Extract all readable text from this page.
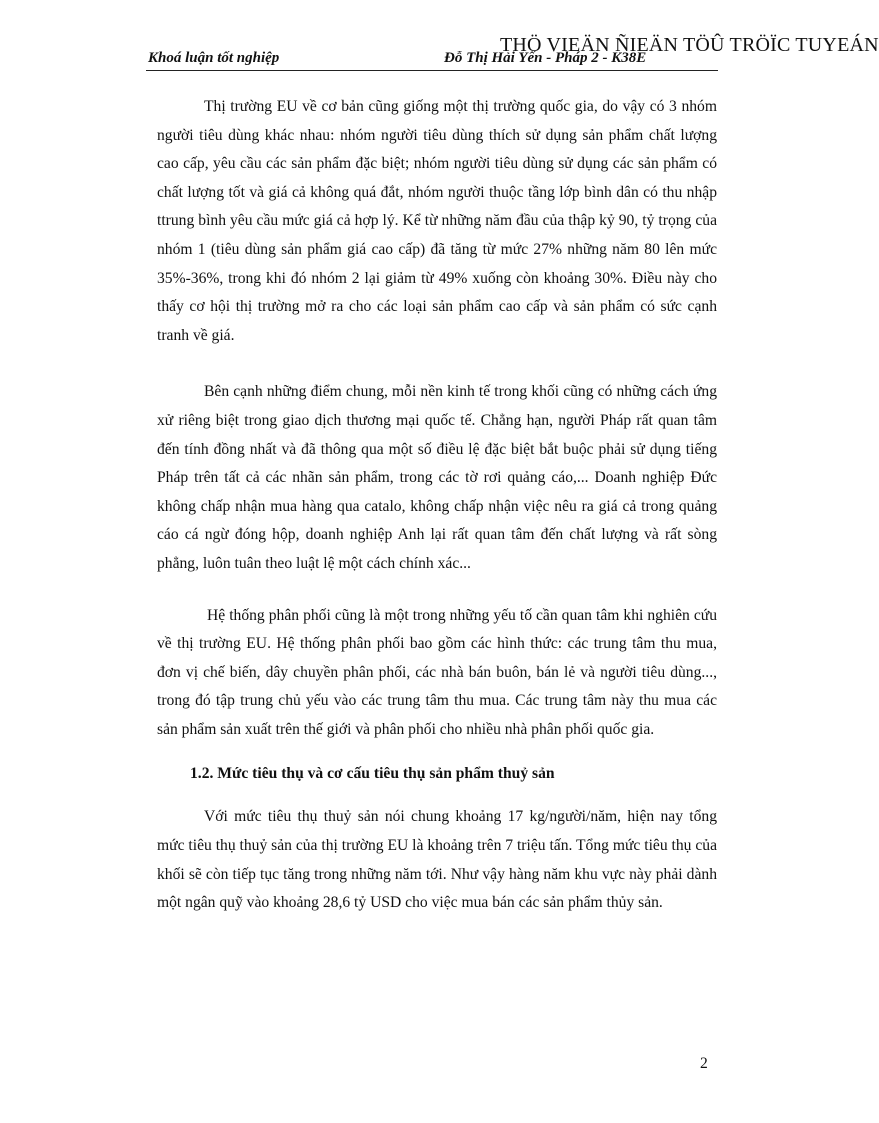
THÖ VIEÄN ÑIEÄN TÖÛ TRÖÏC TUYEÁN
Khoá luận tốt nghiệp	Đỗ Thị Hải Yến - Pháp 2 - K38E

Thị trường EU về cơ bản cũng giống một thị trường quốc gia, do vậy có 3 nhóm người tiêu dùng khác nhau: nhóm người tiêu dùng thích sử dụng sản phẩm chất lượng cao cấp, yêu cầu các sản phẩm đặc biệt; nhóm người tiêu dùng sử dụng các sản phẩm có chất lượng tốt và giá cả không quá đắt, nhóm người thuộc tầng lớp bình dân có thu nhập ttrung bình yêu cầu mức giá cả hợp lý. Kể từ những năm đầu của thập kỷ 90, tỷ trọng của nhóm 1 (tiêu dùng sản phẩm giá cao cấp) đã tăng từ mức 27% những năm 80 lên mức 35%-36%, trong khi đó nhóm 2 lại giảm từ 49% xuống còn khoảng 30%. Điều này cho thấy cơ hội thị trường mở ra cho các loại sản phẩm cao cấp và sản phẩm có sức cạnh tranh về giá.

Bên cạnh những điểm chung, mỗi nền kinh tế trong khối cũng có những cách ứng xử riêng biệt trong giao dịch thương mại quốc tế. Chẳng hạn, người Pháp rất quan tâm đến tính đồng nhất và đã thông qua một số điều lệ đặc biệt bắt buộc phải sử dụng tiếng Pháp trên tất cả các nhãn sản phẩm, trong các tờ rơi quảng cáo,... Doanh nghiệp Đức không chấp nhận mua hàng qua catalo, không chấp nhận việc nêu ra giá cả trong quảng cáo cá ngừ đóng hộp, doanh nghiệp Anh lại rất quan tâm đến chất lượng và rất sòng phẳng, luôn tuân theo luật lệ một cách chính xác...

Hệ thống phân phối cũng là một trong những yếu tố cần quan tâm khi nghiên cứu về thị trường EU. Hệ thống phân phối bao gồm các hình thức: các trung tâm thu mua, đơn vị chế biến, dây chuyền phân phối, các nhà bán buôn, bán lẻ và người tiêu dùng..., trong đó tập trung chủ yếu vào các trung tâm thu mua. Các trung tâm này thu mua các sản phẩm sản xuất trên thế giới và phân phối cho nhiều nhà phân phối quốc gia.

1.2. Mức tiêu thụ và cơ cấu tiêu thụ sản phẩm thuỷ sản

Với mức tiêu thụ thuỷ sản nói chung khoảng 17 kg/người/năm, hiện nay tổng mức tiêu thụ thuỷ sản của thị trường EU là khoảng trên 7 triệu tấn. Tổng mức tiêu thụ của khối sẽ còn tiếp tục tăng trong những năm tới. Như vậy hàng năm khu vực này phải dành một ngân quỹ vào khoảng 28,6 tỷ USD cho việc mua bán các sản phẩm thủy sản.

2
